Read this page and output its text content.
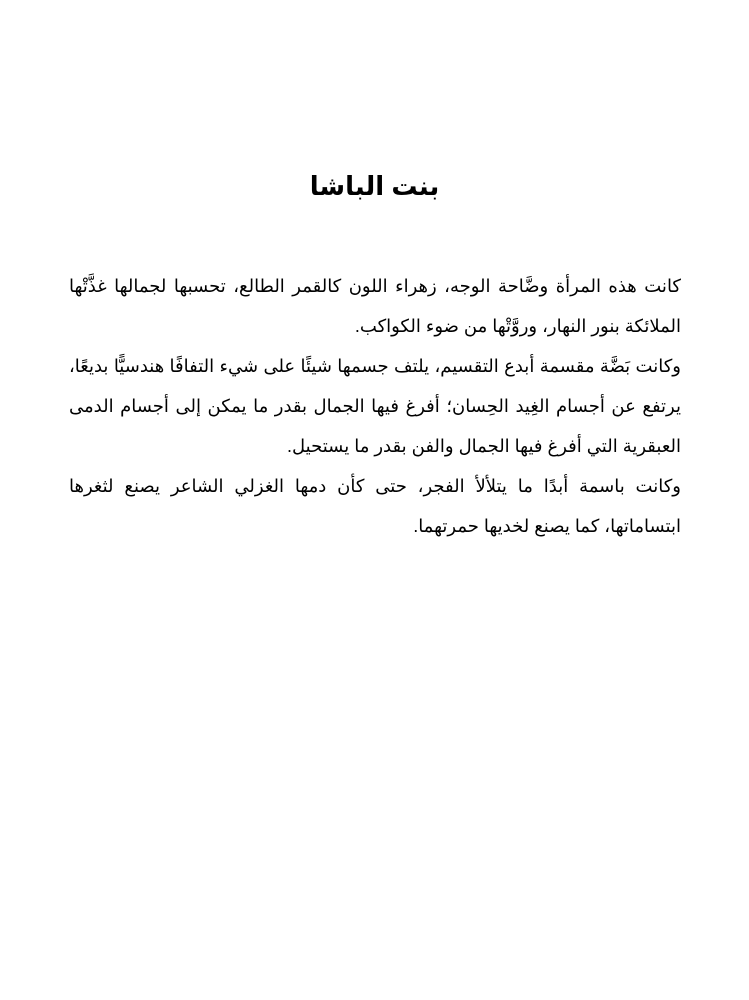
بنت الباشا

كانت هذه المرأة وضَّاحة الوجه، زهراء اللون كالقمر الطالع، تحسبها لجمالها غذَّتْها الملائكة بنور النهار، وروَّتْها من ضوء الكواكب.

وكانت بَضَّة مقسمة أبدع التقسيم، يلتف جسمها شيئًا على شيء التفافًا هندسيًّا بديعًا، يرتفع عن أجسام الغِيد الحِسان؛ أفرغ فيها الجمال بقدر ما يمكن إلى أجسام الدمى العبقرية التي أفرغ فيها الجمال والفن بقدر ما يستحيل.

وكانت باسمة أبدًا ما يتلألأ الفجر، حتى كأن دمها الغزلي الشاعر يصنع لثغرها ابتساماتها، كما يصنع لخديها حمرتهما.
